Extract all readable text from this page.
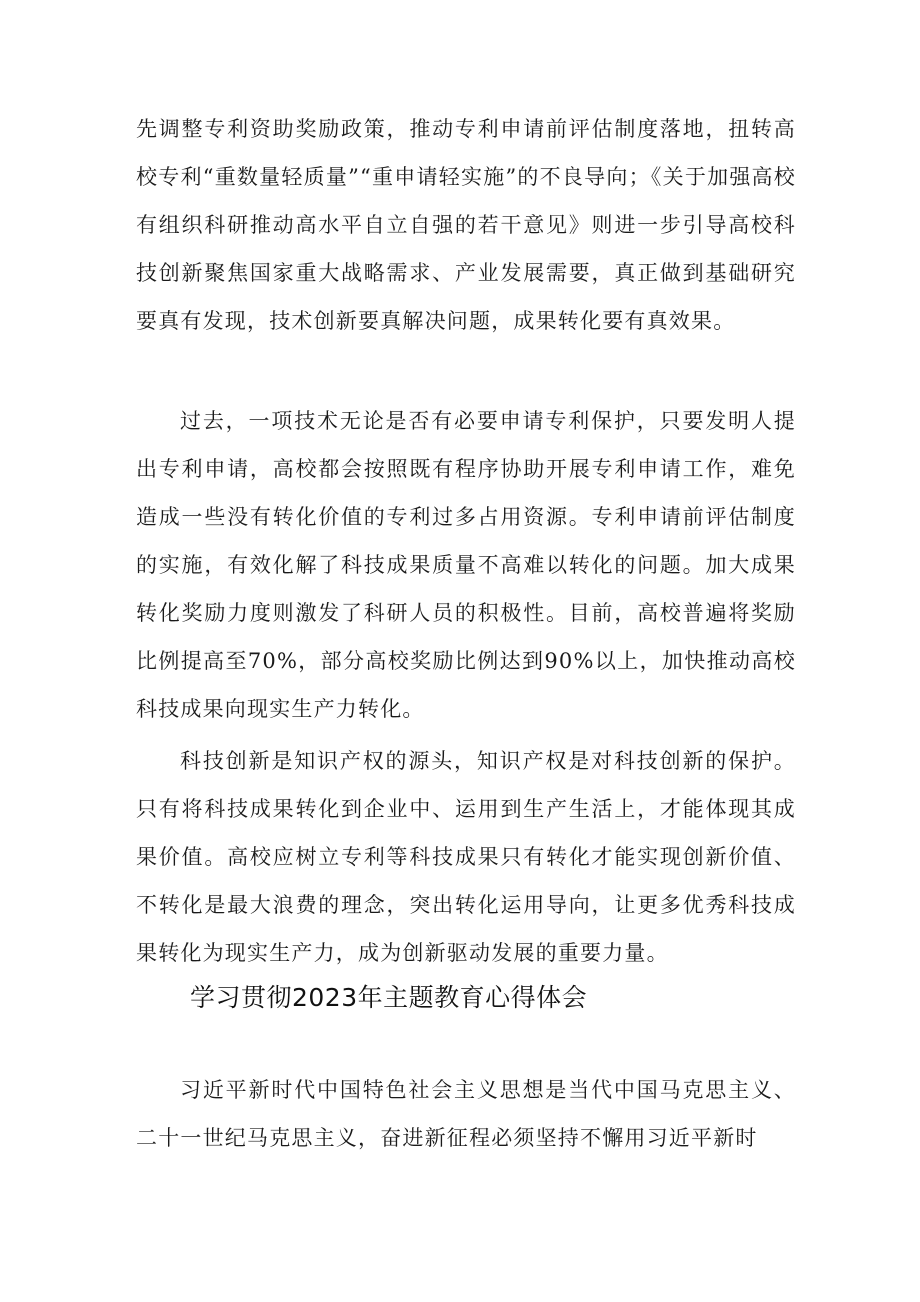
先调整专利资助奖励政策，推动专利申请前评估制度落地，扭转高校专利“重数量轻质量”“重申请轻实施”的不良导向；《关于加强高校有组织科研推动高水平自立自强的若干意见》则进一步引导高校科技创新聚焦国家重大战略需求、产业发展需要，真正做到基础研究要真有发现，技术创新要真解决问题，成果转化要有真效果。

过去，一项技术无论是否有必要申请专利保护，只要发明人提出专利申请，高校都会按照既有程序协助开展专利申请工作，难免造成一些没有转化价值的专利过多占用资源。专利申请前评估制度的实施，有效化解了科技成果质量不高难以转化的问题。加大成果转化奖励力度则激发了科研人员的积极性。目前，高校普遍将奖励比例提高至70%，部分高校奖励比例达到90%以上，加快推动高校科技成果向现实生产力转化。

科技创新是知识产权的源头，知识产权是对科技创新的保护。只有将科技成果转化到企业中、运用到生产生活上，才能体现其成果价值。高校应树立专利等科技成果只有转化才能实现创新价值、不转化是最大浪费的理念，突出转化运用导向，让更多优秀科技成果转化为现实生产力，成为创新驱动发展的重要力量。

学习贯彻2023年主题教育心得体会

习近平新时代中国特色社会主义思想是当代中国马克思主义、二十一世纪马克思主义，奋进新征程必须坚持不懈用习近平新时
